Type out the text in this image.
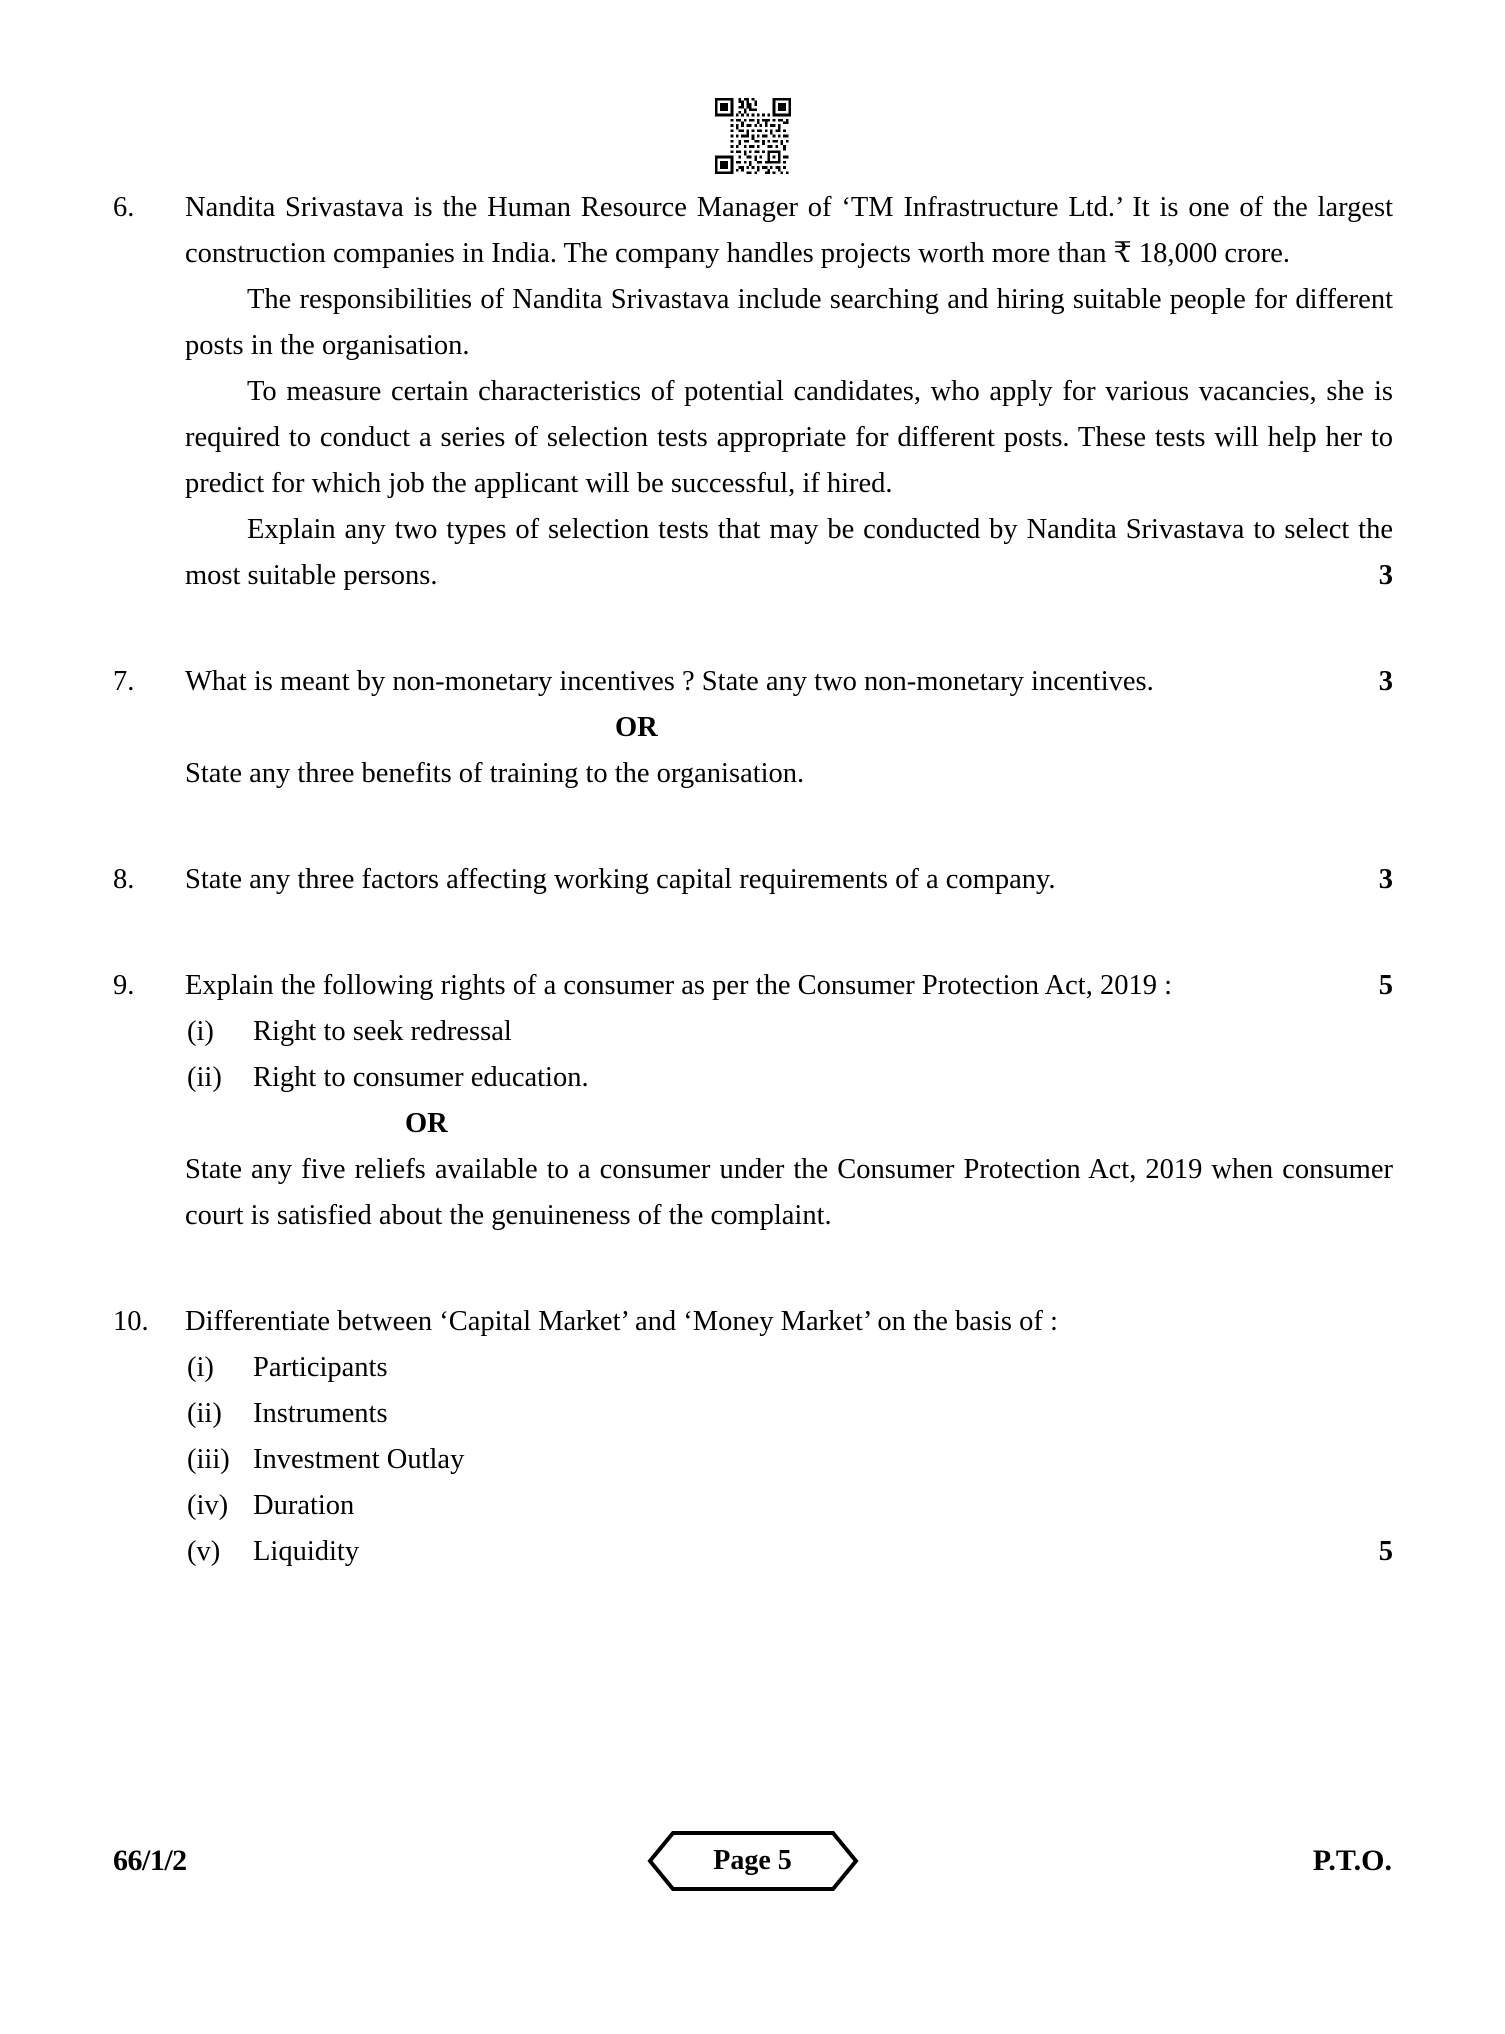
6.	Nandita Srivastava is the Human Resource Manager of ‘TM Infrastructure Ltd.’ It is one of the largest construction companies in India. The company handles projects worth more than ₹ 18,000 crore.

The responsibilities of Nandita Srivastava include searching and hiring suitable people for different posts in the organisation.

To measure certain characteristics of potential candidates, who apply for various vacancies, she is required to conduct a series of selection tests appropriate for different posts. These tests will help her to predict for which job the applicant will be successful, if hired.

Explain any two types of selection tests that may be conducted by Nandita Srivastava to select the most suitable persons.	3
7.	What is meant by non-monetary incentives ? State any two non-monetary incentives.	3

OR

State any three benefits of training to the organisation.

8.	State any three factors affecting working capital requirements of a company.	3
9.	Explain the following rights of a consumer as per the Consumer Protection Act, 2019 :	5
(i)	Right to seek redressal
(ii)	Right to consumer education.

OR

State any five reliefs available to a consumer under the Consumer Protection Act, 2019 when consumer court is satisfied about the genuineness of the complaint.

10.	Differentiate between ‘Capital Market’ and ‘Money Market’ on the basis of :

(i)	Participants
(ii)	Instruments
(iii) Investment Outlay
(iv) Duration
(v)	Liquidity	5
66/1/2	Page 5	P.T.O.
